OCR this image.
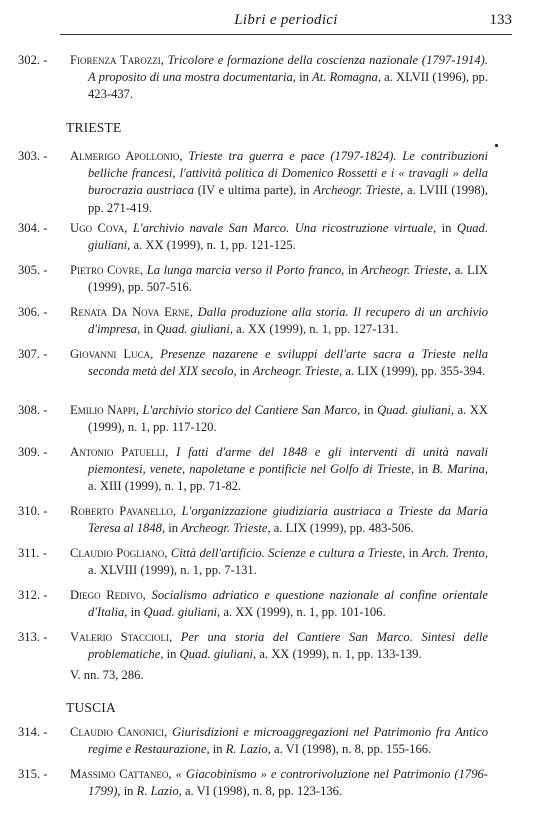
Libri e periodici	133
302. -	Fiorenza Tarozzi, Tricolore e formazione della coscienza nazionale (1797-1914). A proposito di una mostra documentaria, in At. Romagna, a. XLVII (1996), pp. 423-437.
TRIESTE
303. -	Almerigo Apollonio, Trieste tra guerra e pace (1797-1824). Le contribuzioni belliche francesi, l'attività politica di Domenico Rossetti e i « travagli » della burocrazia austriaca (IV e ultima parte), in Archeogr. Trieste, a. LVIII (1998), pp. 271-419.
304. -	Ugo Cova, L'archivio navale San Marco. Una ricostruzione virtuale, in Quad. giuliani, a. XX (1999), n. 1, pp. 121-125.
305. -	Pietro Covre, La lunga marcia verso il Porto franco, in Archeogr. Trieste, a. LIX (1999), pp. 507-516.
306. -	Renata Da Nova Erne, Dalla produzione alla storia. Il recupero di un archivio d'impresa, in Quad. giuliani, a. XX (1999), n. 1, pp. 127-131.
307. -	Giovanni Luca, Presenze nazarene e sviluppi dell'arte sacra a Trieste nella seconda metà del XIX secolo, in Archeogr. Trieste, a. LIX (1999), pp. 355-394.
308. -	Emilio Nappi, L'archivio storico del Cantiere San Marco, in Quad. giuliani, a. XX (1999), n. 1, pp. 117-120.
309. -	Antonio Patuelli, I fatti d'arme del 1848 e gli interventi di unità navali piemontesi, venete, napoletane e pontificie nel Golfo di Trieste, in B. Marina, a. XIII (1999), n. 1, pp. 71-82.
310. -	Roberto Pavanello, L'organizzazione giudiziaria austriaca a Trieste da Maria Teresa al 1848, in Archeogr. Trieste, a. LIX (1999), pp. 483-506.
311. -	Claudio Pogliano, Città dell'artificio. Scienze e cultura a Trieste, in Arch. Trento, a. XLVIII (1999), n. 1, pp. 7-131.
312. -	Diego Redivo, Socialismo adriatico e questione nazionale al confine orientale d'Italia, in Quad. giuliani, a. XX (1999), n. 1, pp. 101-106.
313. -	Valerio Staccioli, Per una storia del Cantiere San Marco. Sintesi delle problematiche, in Quad. giuliani, a. XX (1999), n. 1, pp. 133-139.
V. nn. 73, 286.
TUSCIA
314. -	Claudio Canonici, Giurisdizioni e microaggregazioni nel Patrimonio fra Antico regime e Restaurazione, in R. Lazio, a. VI (1998), n. 8, pp. 155-166.
315. -	Massimo Cattaneo, « Giacobinismo » e controrivoluzione nel Patrimonio (1796-1799), in R. Lazio, a. VI (1998), n. 8, pp. 123-136.
